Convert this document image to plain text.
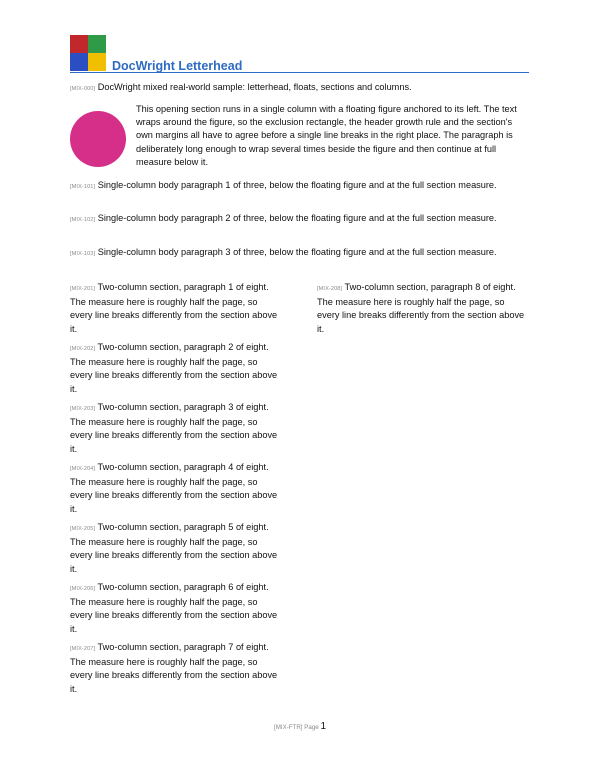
DocWright Letterhead

[MIX-000] DocWright mixed real-world sample: letterhead, floats, sections and columns.

This opening section runs in a single column with a floating figure anchored to its left. The text wraps around the figure, so the exclusion rectangle, the header growth rule and the section's own margins all have to agree before a single line breaks in the right place. The paragraph is deliberately long enough to wrap several times beside the figure and then continue at full measure below it.

[MIX-101] Single-column body paragraph 1 of three, below the floating figure and at the full section measure.

[MIX-102] Single-column body paragraph 2 of three, below the floating figure and at the full section measure.

[MIX-103] Single-column body paragraph 3 of three, below the floating figure and at the full section measure.

[MIX-201] Two-column section, paragraph 1 of eight. The measure here is roughly half the page, so every line breaks differently from the section above it.

[MIX-202] Two-column section, paragraph 2 of eight. The measure here is roughly half the page, so every line breaks differently from the section above it.

[MIX-203] Two-column section, paragraph 3 of eight. The measure here is roughly half the page, so every line breaks differently from the section above it.

[MIX-204] Two-column section, paragraph 4 of eight. The measure here is roughly half the page, so every line breaks differently from the section above it.

[MIX-205] Two-column section, paragraph 5 of eight. The measure here is roughly half the page, so every line breaks differently from the section above it.

[MIX-206] Two-column section, paragraph 6 of eight. The measure here is roughly half the page, so every line breaks differently from the section above it.

[MIX-207] Two-column section, paragraph 7 of eight. The measure here is roughly half the page, so every line breaks differently from the section above it.

[MIX-208] Two-column section, paragraph 8 of eight. The measure here is roughly half the page, so every line breaks differently from the section above it.

[MIX-FTR] Page 1
